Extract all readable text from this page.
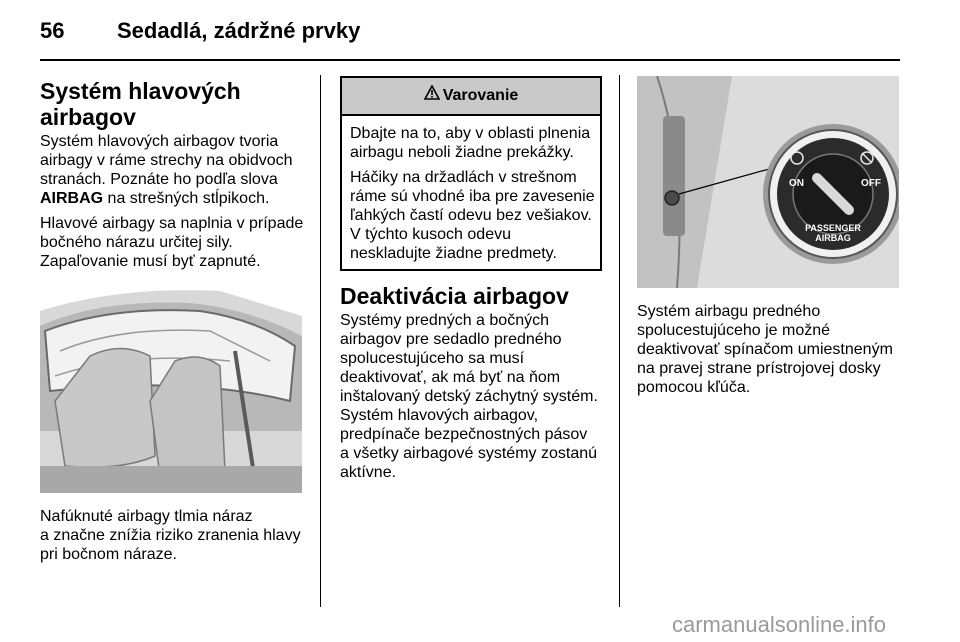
56 Sedadlá, zádržné prvky
Systém hlavových
airbagov

Systém hlavových airbagov tvoria
airbagy v ráme strechy na obidvoch
stranách. Poznáte ho podľa slova
AIRBAG na strešných stĺpikoch.

Hlavové airbagy sa naplnia v prípade
bočného nárazu určitej sily.
Zapaľovanie musí byť zapnuté.

Nafúknuté airbagy tlmia náraz
a značne znížia riziko zranenia hlavy
pri bočnom náraze.

Varovanie

Dbajte na to, aby v oblasti plnenia
airbagu neboli žiadne prekážky.

Háčiky na držadlách v strešnom
ráme sú vhodné iba pre zavesenie
ľahkých častí odevu bez vešiakov.
V týchto kusoch odevu
neskladujte žiadne predmety.

Deaktivácia airbagov

Systémy predných a bočných
airbagov pre sedadlo predného
spolucestujúceho sa musí
deaktivovať, ak má byť na ňom
inštalovaný detský záchytný systém.
Systém hlavových airbagov,
predpínače bezpečnostných pásov
a všetky airbagové systémy zostanú
aktívne.

ON	OFF
PASSENGER
AIRBAG

Systém airbagu predného
spolucestujúceho je možné
deaktivovať spínačom umiestneným
na pravej strane prístrojovej dosky
pomocou kľúča.

carmanualsonline.info
